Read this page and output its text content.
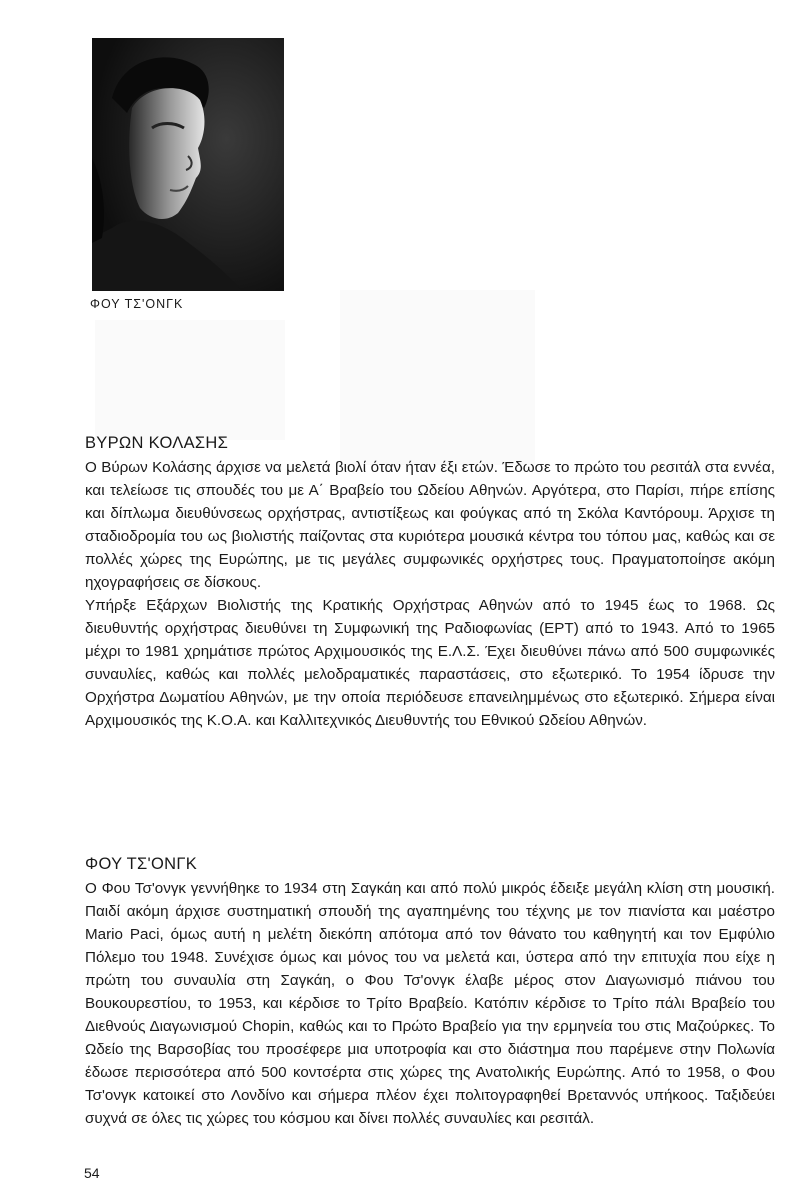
ΦΟΥ ΤΣ'ΟΝΓΚ
ΒΥΡΩΝ ΚΟΛΑΣΗΣ

Ο Βύρων Κολάσης άρχισε να μελετά βιολί όταν ήταν έξι ετών. Έδωσε το πρώτο του ρεσιτάλ στα εννέα, και τελείωσε τις σπουδές του με Α΄ Βραβείο του Ωδείου Αθηνών. Αργότερα, στο Παρίσι, πήρε επίσης και δίπλωμα διευθύνσεως ορχήστρας, αντιστίξεως και φούγκας από τη Σκόλα Καντόρουμ. Άρχισε τη σταδιοδρομία του ως βιολιστής παίζοντας στα κυριότερα μουσικά κέντρα του τόπου μας, καθώς και σε πολλές χώρες της Ευρώπης, με τις μεγάλες συμφωνικές ορχήστρες τους. Πραγματοποίησε ακόμη ηχογραφήσεις σε δίσκους.

Υπήρξε Εξάρχων Βιολιστής της Κρατικής Ορχήστρας Αθηνών από το 1945 έως το 1968. Ως διευθυντής ορχήστρας διευθύνει τη Συμφωνική της Ραδιοφωνίας (ΕΡΤ) από το 1943. Από το 1965 μέχρι το 1981 χρημάτισε πρώτος Αρχιμουσικός της Ε.Λ.Σ. Έχει διευθύνει πάνω από 500 συμφωνικές συναυλίες, καθώς και πολλές μελοδραματικές παραστάσεις, στο εξωτερικό. Το 1954 ίδρυσε την Ορχήστρα Δωματίου Αθηνών, με την οποία περιόδευσε επανειλημμένως στο εξωτερικό. Σήμερα είναι Αρχιμουσικός της Κ.Ο.Α. και Καλλιτεχνικός Διευθυντής του Εθνικού Ωδείου Αθηνών.

ΦΟΥ ΤΣ'ΟΝΓΚ

Ο Φου Τσ'ονγκ γεννήθηκε το 1934 στη Σαγκάη και από πολύ μικρός έδειξε μεγάλη κλίση στη μουσική. Παιδί ακόμη άρχισε συστηματική σπουδή της αγαπημένης του τέχνης με τον πιανίστα και μαέστρο Mario Paci, όμως αυτή η μελέτη διεκόπη απότομα από τον θάνατο του καθηγητή και τον Εμφύλιο Πόλεμο του 1948. Συνέχισε όμως και μόνος του να μελετά και, ύστερα από την επιτυχία που είχε η πρώτη του συναυλία στη Σαγκάη, ο Φου Τσ'ονγκ έλαβε μέρος στον Διαγωνισμό πιάνου του Βουκουρεστίου, το 1953, και κέρδισε το Τρίτο Βραβείο. Κατόπιν κέρδισε το Τρίτο πάλι Βραβείο του Διεθνούς Διαγωνισμού Chopin, καθώς και το Πρώτο Βραβείο για την ερμηνεία του στις Μαζούρκες. Το Ωδείο της Βαρσοβίας του προσέφερε μια υποτροφία και στο διάστημα που παρέμενε στην Πολωνία έδωσε περισσότερα από 500 κοντσέρτα στις χώρες της Ανατολικής Ευρώπης. Από το 1958, ο Φου Τσ'ονγκ κατοικεί στο Λονδίνο και σήμερα πλέον έχει πολιτογραφηθεί Βρεταννός υπήκοος. Ταξιδεύει συχνά σε όλες τις χώρες του κόσμου και δίνει πολλές συναυλίες και ρεσιτάλ.

54
